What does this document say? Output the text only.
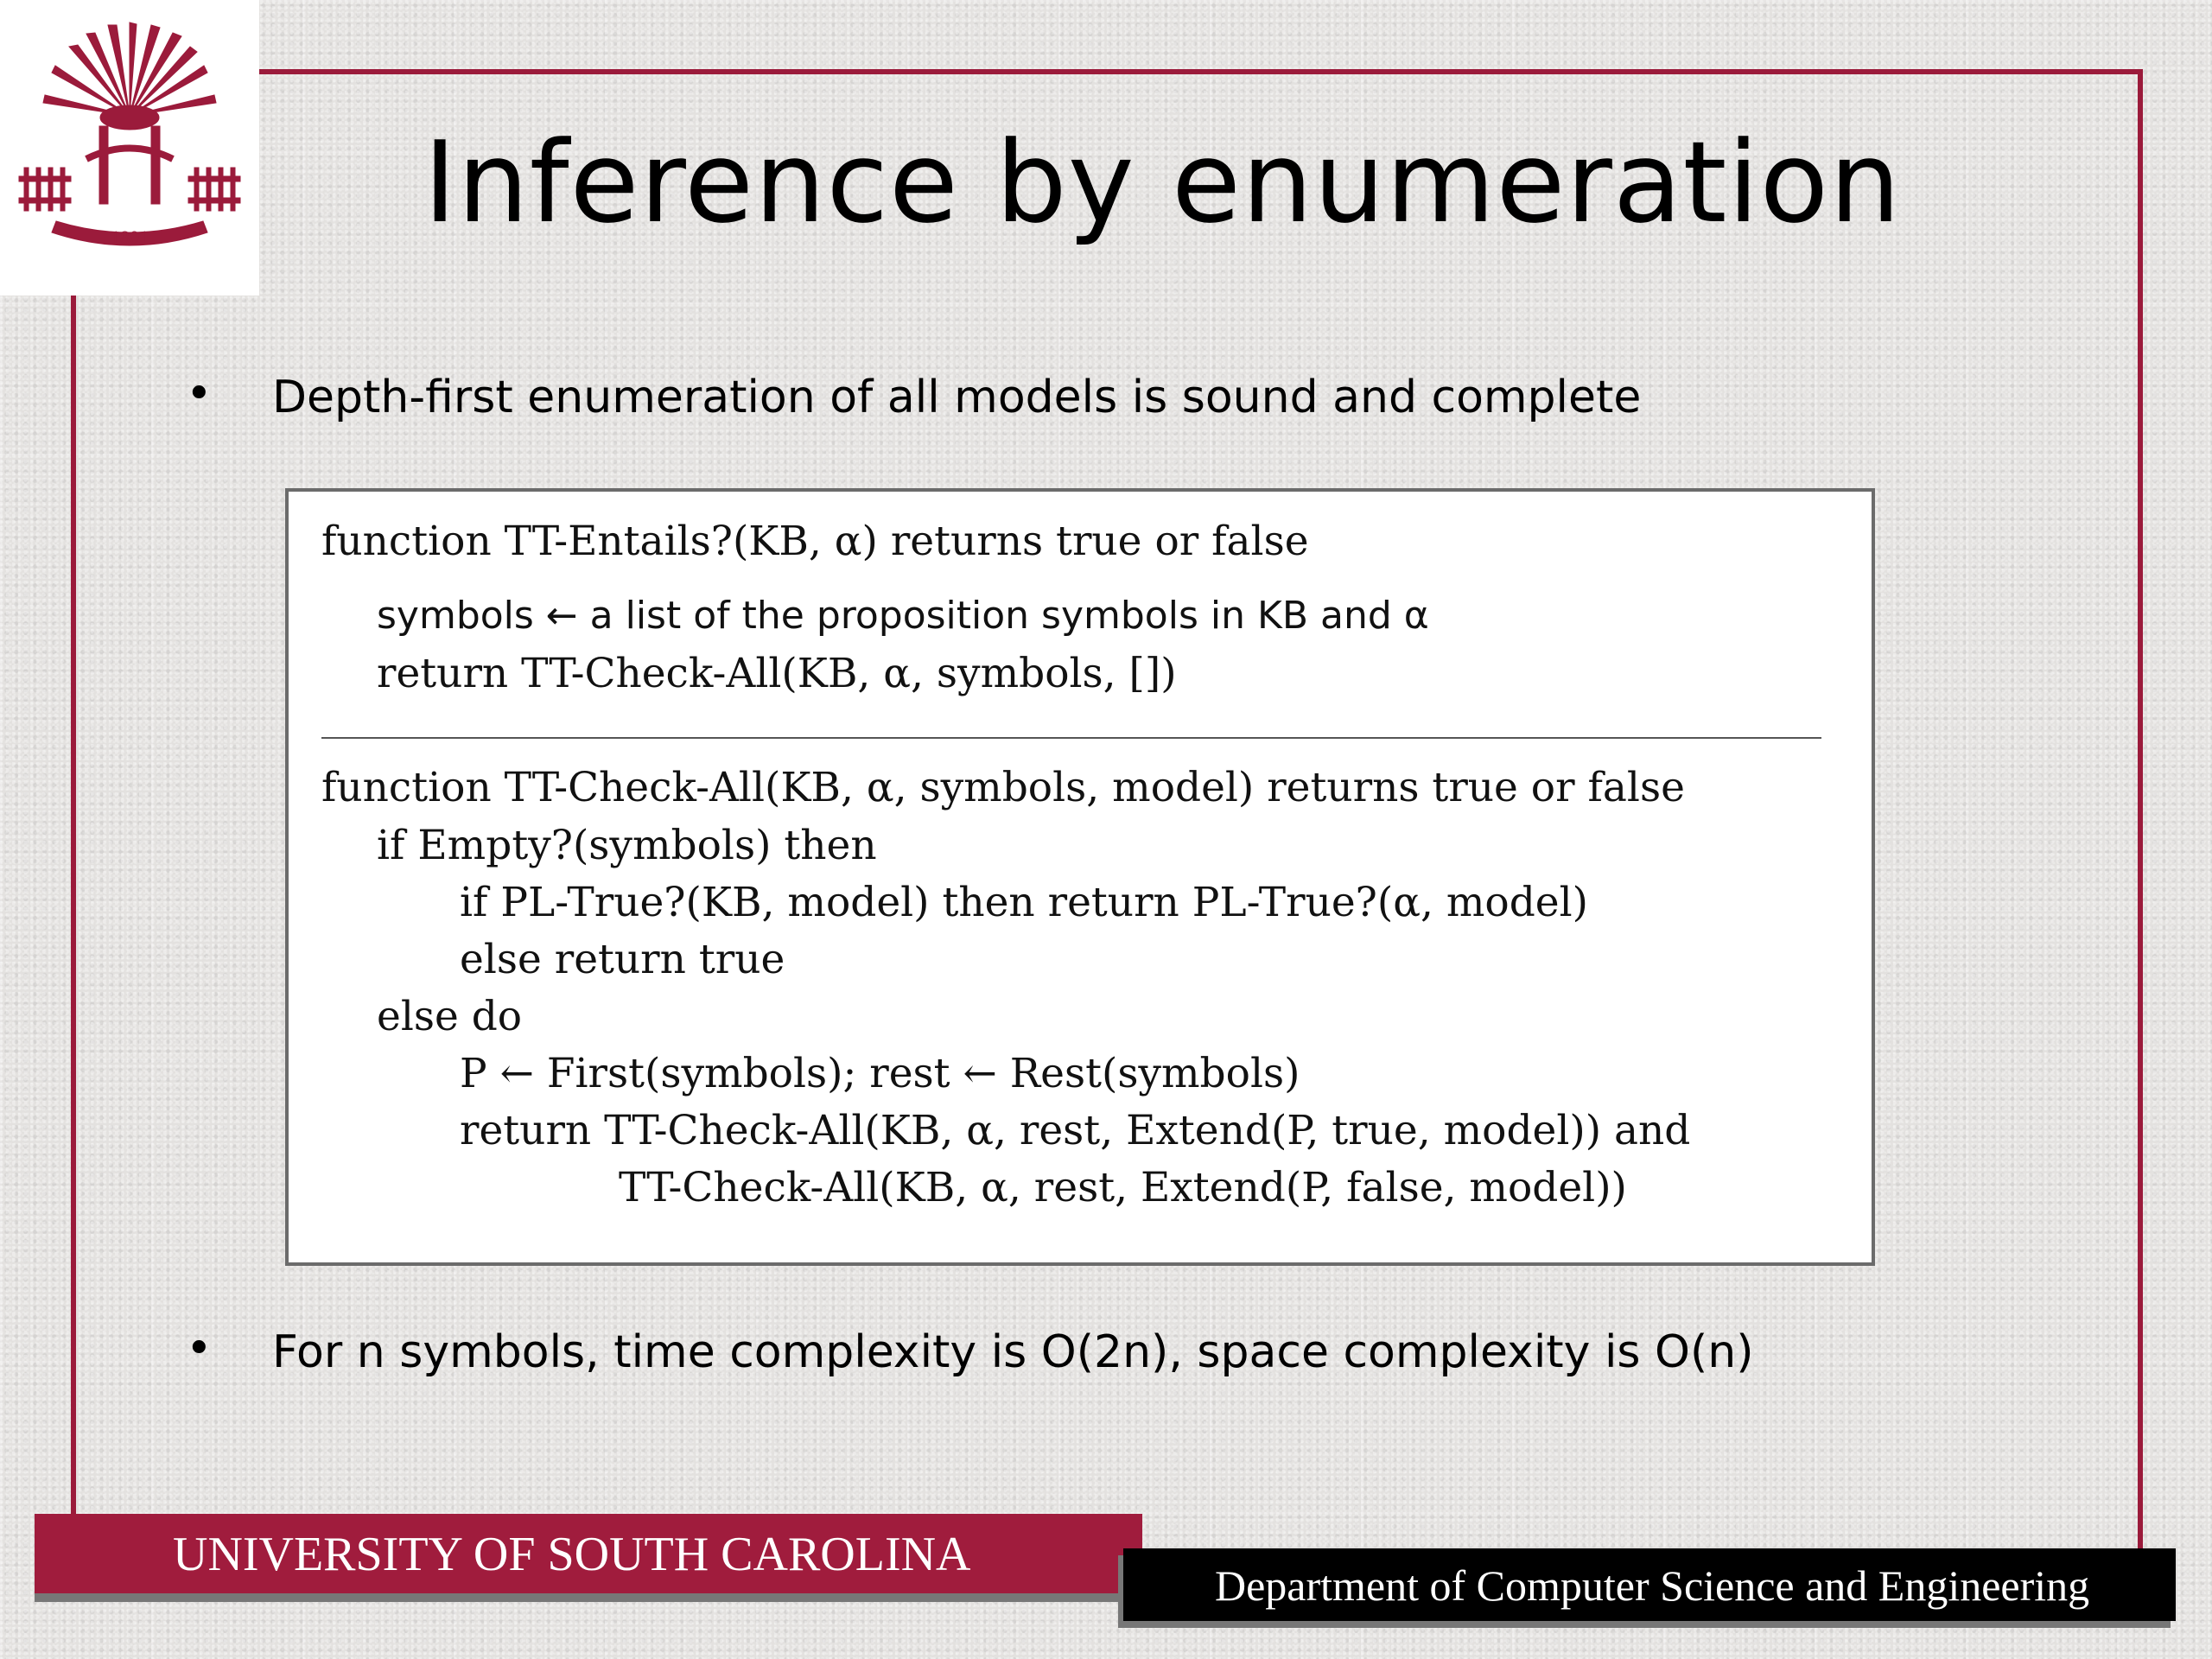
1801 Inference by enumeration
• Depth-first enumeration of all models is sound and complete
function TT-Entails?(KB, α) returns true or false
symbols ← a list of the proposition symbols in KB and α
return TT-Check-All(KB, α, symbols, [])
function TT-Check-All(KB, α, symbols, model) returns true or false
if Empty?(symbols) then
if PL-True?(KB, model) then return PL-True?(α, model)
else return true
else do
P ← First(symbols); rest ← Rest(symbols)
return TT-Check-All(KB, α, rest, Extend(P, true, model)) and
TT-Check-All(KB, α, rest, Extend(P, false, model))
• For n symbols, time complexity is O(2n), space complexity is O(n)
UNIVERSITY OF SOUTH CAROLINA
Department of Computer Science and Engineering
